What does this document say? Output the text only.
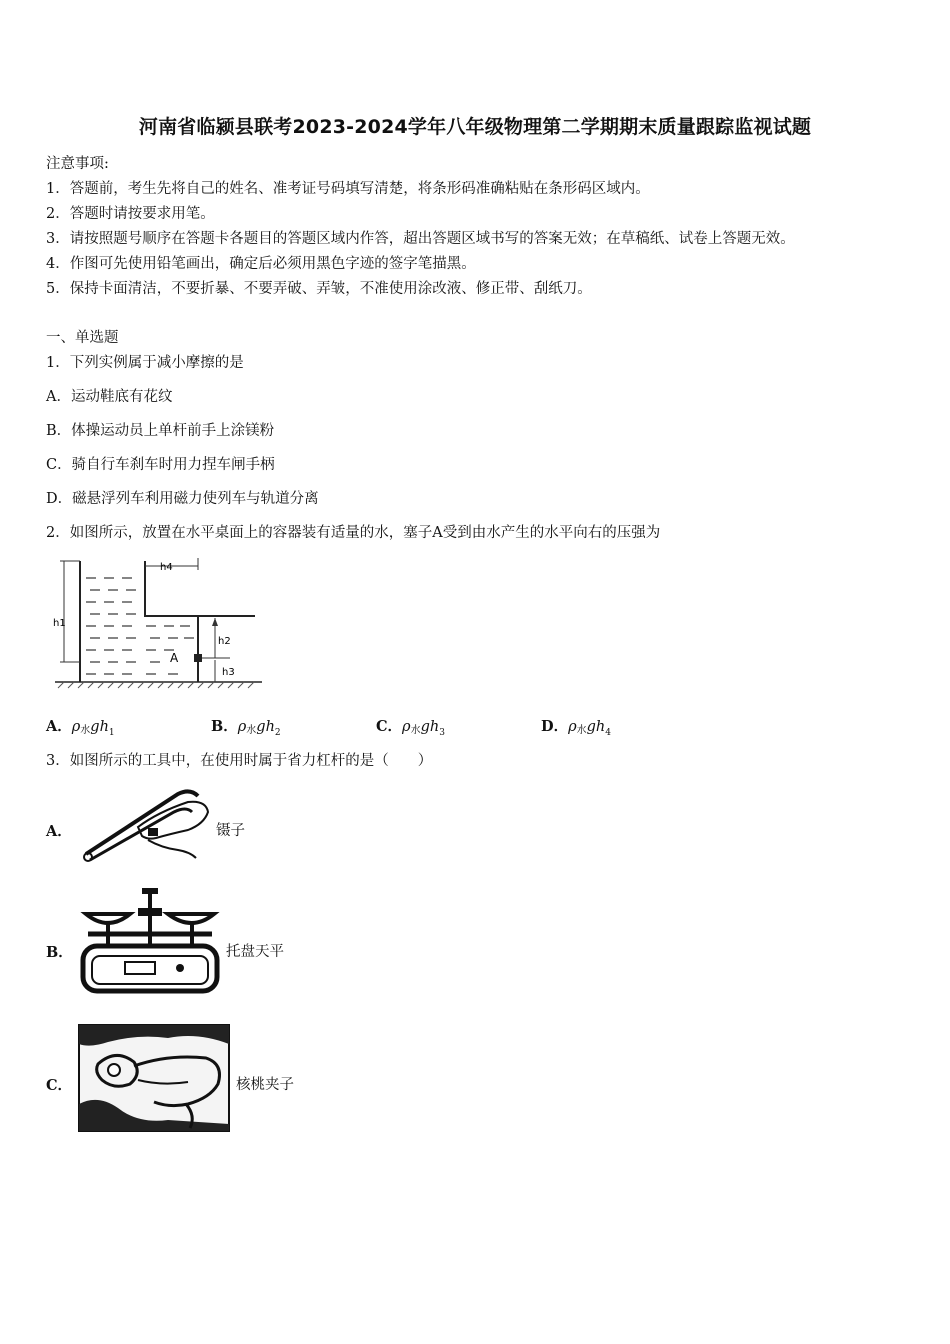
河南省临颍县联考2023-2024学年八年级物理第二学期期末质量跟踪监视试题
注意事项:
1．答题前，考生先将自己的姓名、准考证号码填写清楚，将条形码准确粘贴在条形码区域内。
2．答题时请按要求用笔。
3．请按照题号顺序在答题卡各题目的答题区域内作答，超出答题区域书写的答案无效；在草稿纸、试卷上答题无效。
4．作图可先使用铅笔画出，确定后必须用黑色字迹的签字笔描黑。
5．保持卡面清洁，不要折暴、不要弄破、弄皱，不准使用涂改液、修正带、刮纸刀。
一、单选题
1．下列实例属于减小摩擦的是
A．运动鞋底有花纹
B．体操运动员上单杆前手上涂镁粉
C．骑自行车刹车时用力捏车闸手柄
D．磁悬浮列车利用磁力使列车与轨道分离
2．如图所示，放置在水平桌面上的容器装有适量的水，塞子A受到由水产生的水平向右的压强为
A
h1
h4
h2
h3
A．ρ水$gh_1$	B．ρ水$gh_2$	C．ρ水$gh_3$	D．ρ水$gh_4$
3．如图所示的工具中，在使用时属于省力杠杆的是（　　）
A．	镊子
B．	托盘天平
C．	核桃夹子
